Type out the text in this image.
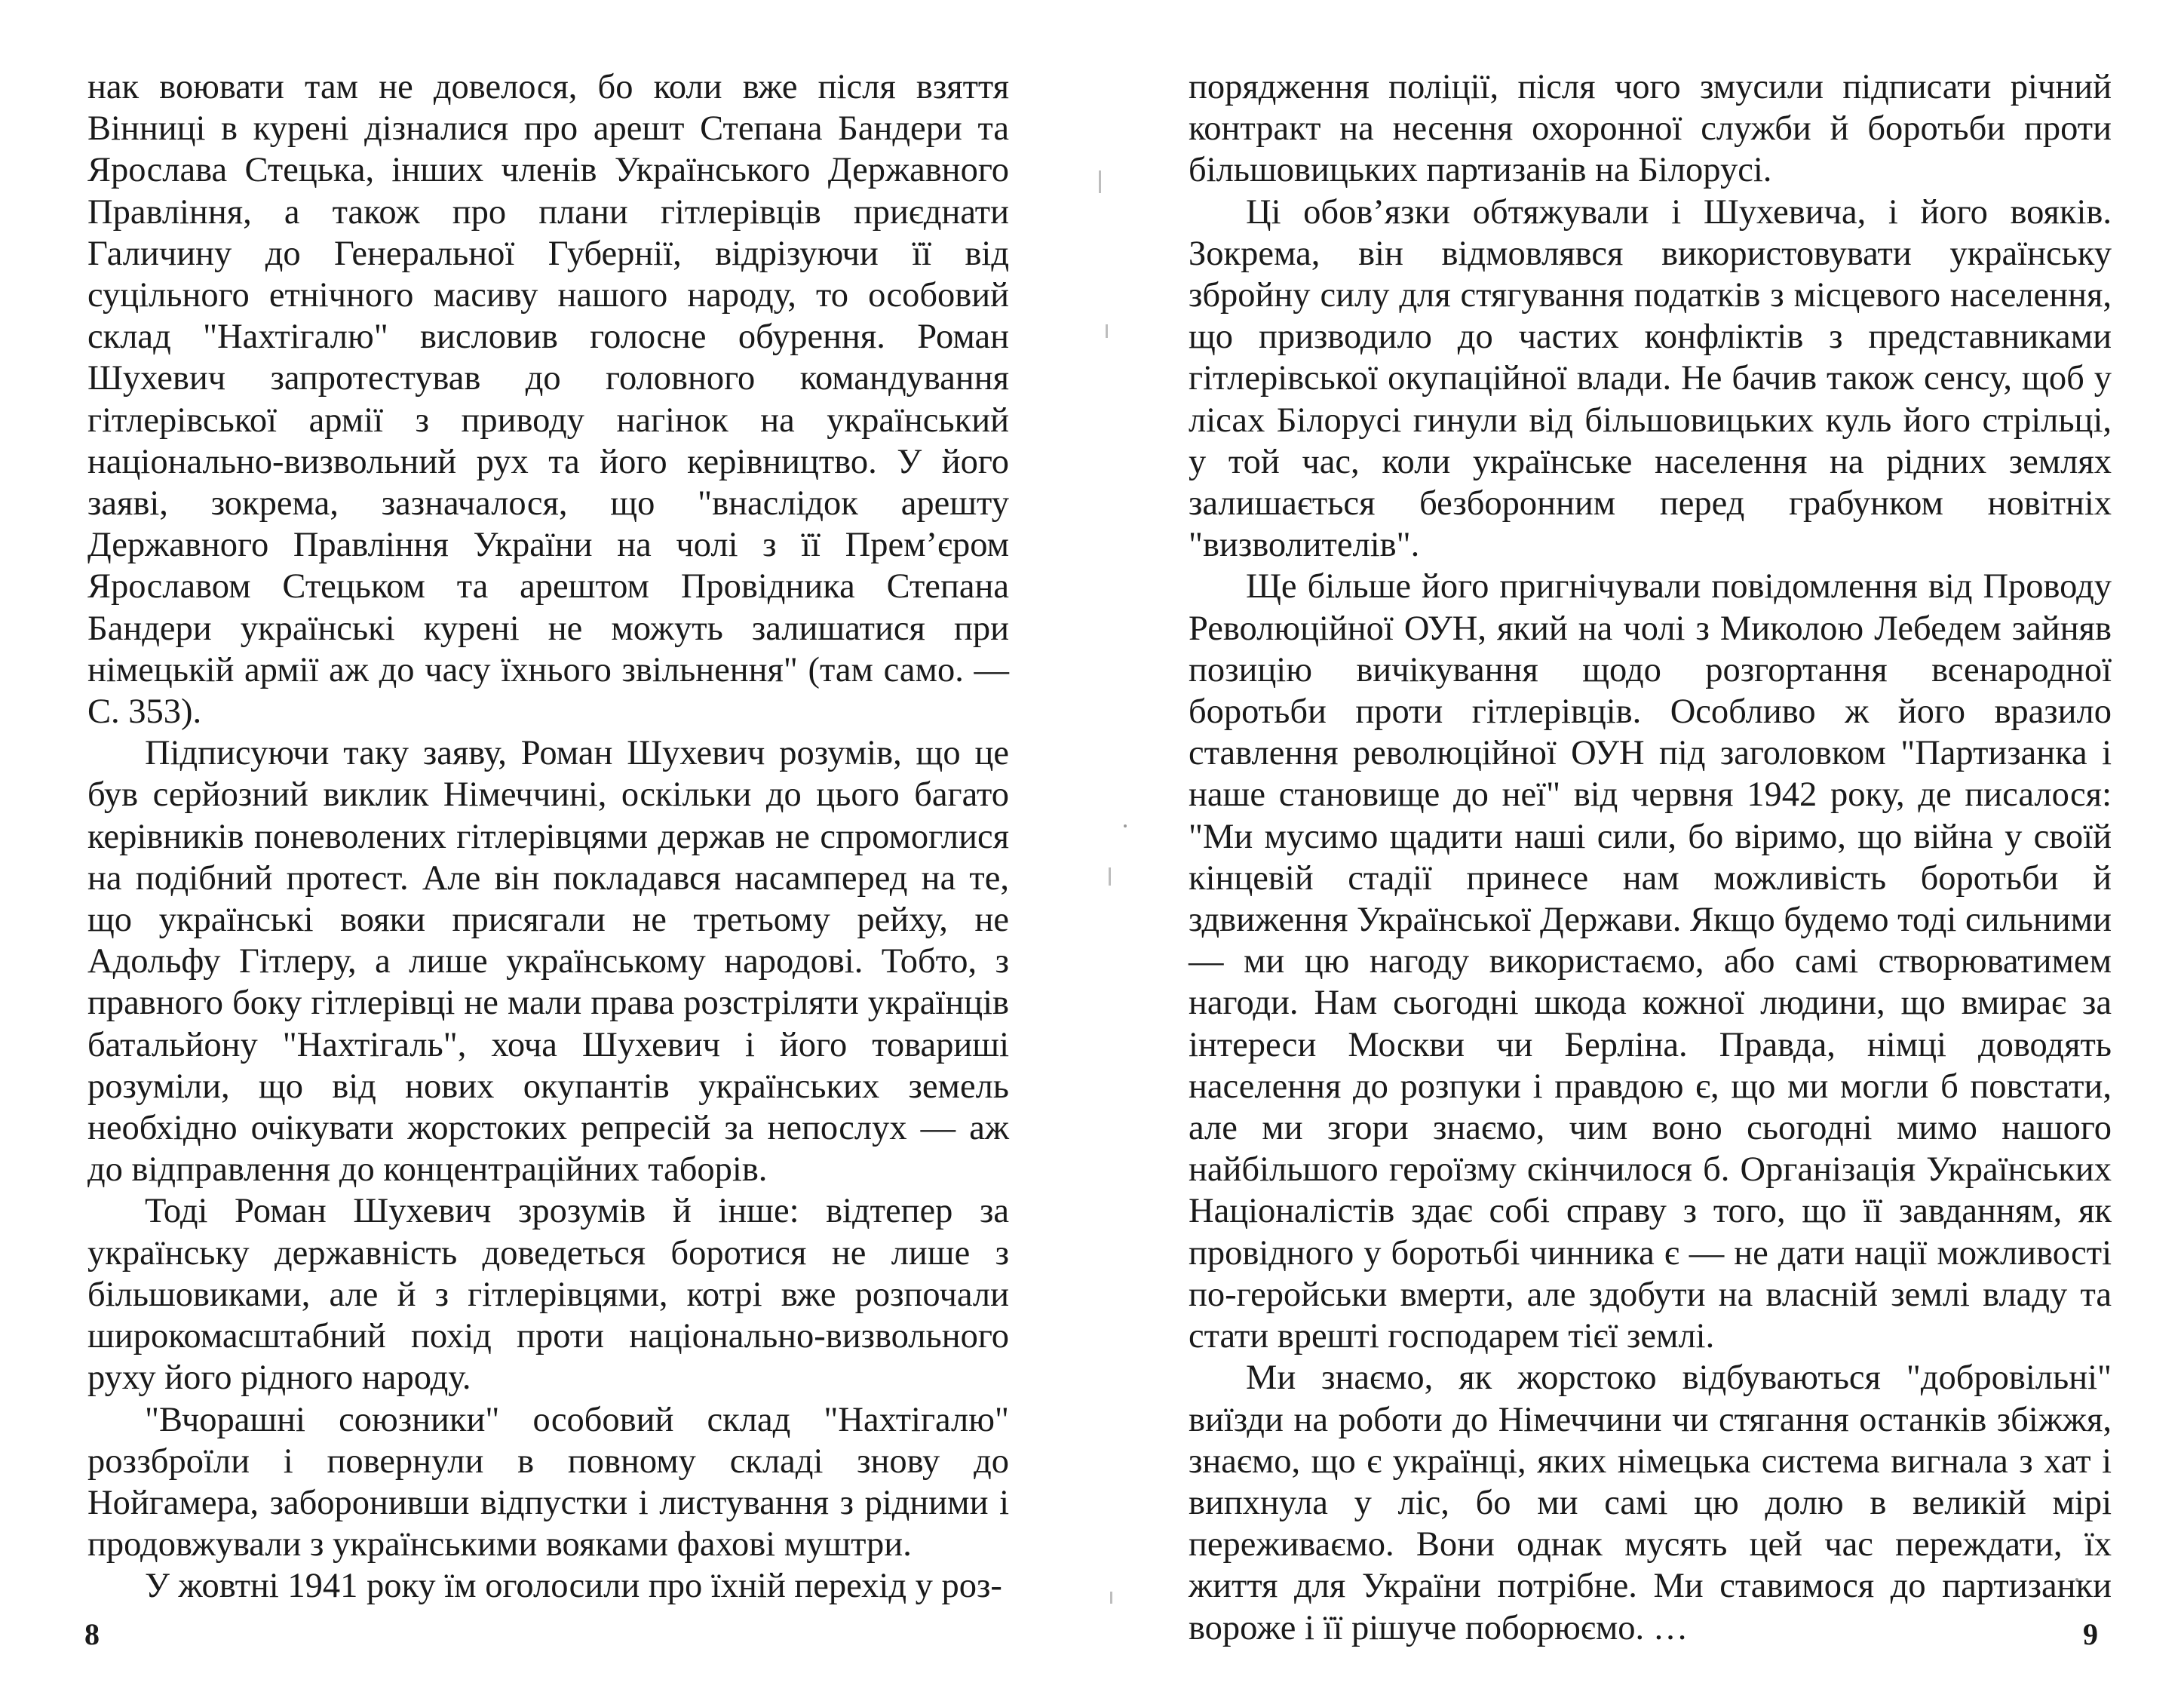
нак воювати там не довелося, бо коли вже після взяття Вінниці в курені дізналися про арешт Степана Бандери та Ярослава Стецька, інших членів Українського Державного Правління, а також про плани гітлерівців приєднати Галичину до Генеральної Губернії, відрізуючи її від суцільного етнічного масиву нашого народу, то особовий склад "Нахтігалю" висловив голосне обурення. Роман Шухевич запротестував до головного командування гітлерівської армії з приводу нагінок на український національно-визвольний рух та його керівництво. У його заяві, зокрема, зазначалося, що "внаслідок арешту Державного Правління України на чолі з її Прем’єром Ярославом Стецьком та арештом Провідника Степана Бандери українські курені не можуть залишатися при німецькій армії аж до часу їхнього звільнення" (там само. — С. 353).

Підписуючи таку заяву, Роман Шухевич розумів, що це був серйозний виклик Німеччині, оскільки до цього багато керівників поневолених гітлерівцями держав не спромоглися на подібний протест. Але він покладався насамперед на те, що українські вояки присягали не третьому рейху, не Адольфу Гітлеру, а лише українському народові. Тобто, з правного боку гітлерівці не мали права розстріляти українців батальйону "Нахтігаль", хоча Шухевич і його товариші розуміли, що від нових окупантів українських земель необхідно очікувати жорстоких репресій за непослух — аж до відправлення до концентраційних таборів.

Тоді Роман Шухевич зрозумів й інше: відтепер за українську державність доведеться боротися не лише з більшовиками, але й з гітлерівцями, котрі вже розпочали широкомасштабний похід проти національно-визвольного руху його рідного народу.

"Вчорашні союзники" особовий склад "Нахтігалю" роззброїли і повернули в повному складі знову до Нойгамера, заборонивши відпустки і листування з рідними і продовжували з українськими вояками фахові муштри.

У жовтні 1941 року їм оголосили про їхній перехід у роз-

8

порядження поліції, після чого змусили підписати річний контракт на несення охоронної служби й боротьби проти більшовицьких партизанів на Білорусі.

Ці обов’язки обтяжували і Шухевича, і його вояків. Зокрема, він відмовлявся використовувати українську збройну силу для стягування податків з місцевого населення, що призводило до частих конфліктів з представниками гітлерівської окупаційної влади. Не бачив також сенсу, щоб у лісах Білорусі гинули від більшовицьких куль його стрільці, у той час, коли українське населення на рідних землях залишається безборонним перед грабунком новітніх "визволителів".

Ще більше його пригнічували повідомлення від Проводу Революційної ОУН, який на чолі з Миколою Лебедем зайняв позицію вичікування щодо розгортання всенародної боротьби проти гітлерівців. Особливо ж його вразило ставлення революційної ОУН під заголовком "Партизанка і наше становище до неї" від червня 1942 року, де писалося: "Ми мусимо щадити наші сили, бо віримо, що війна у своїй кінцевій стадії принесе нам можливість боротьби й здвиження Української Держави. Якщо будемо тоді сильними — ми цю нагоду використаємо, або самі створюватимем нагоди. Нам сьогодні шкода кожної людини, що вмирає за інтереси Москви чи Берліна. Правда, німці доводять населення до розпуки і правдою є, що ми могли б повстати, але ми згори знаємо, чим воно сьогодні мимо нашого найбільшого героїзму скінчилося б. Організація Українських Націоналістів здає собі справу з того, що її завданням, як провідного у боротьбі чинника є — не дати нації можливості по-геройськи вмерти, але здобути на власній землі владу та стати врешті господарем тієї землі.

Ми знаємо, як жорстоко відбуваються "добровільні" виїзди на роботи до Німеччини чи стягання останків збіжжя, знаємо, що є українці, яких німецька система вигнала з хат і випхнула у ліс, бо ми самі цю долю в великій мірі переживаємо. Вони однак мусять цей час переждати, їх життя для України потрібне. Ми ставимося до партизанки вороже і її рішуче поборюємо. …	9
